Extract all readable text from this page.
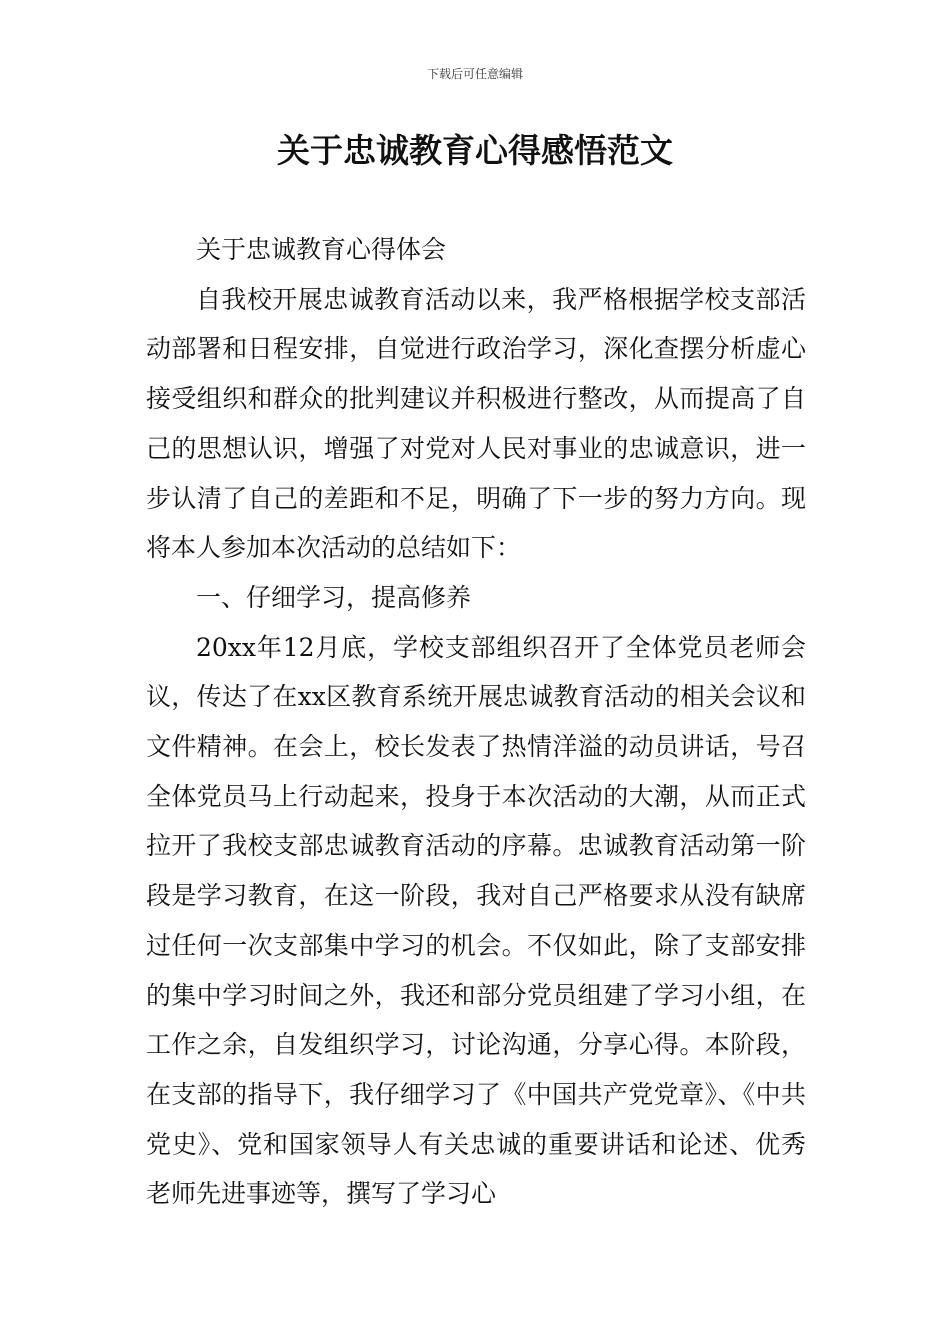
下载后可任意编辑
关于忠诚教育心得感悟范文

关于忠诚教育心得体会

自我校开展忠诚教育活动以来，我严格根据学校支部活动部署和日程安排，自觉进行政治学习，深化查摆分析虚心接受组织和群众的批判建议并积极进行整改，从而提高了自己的思想认识，增强了对党对人民对事业的忠诚意识，进一步认清了自己的差距和不足，明确了下一步的努力方向。现将本人参加本次活动的总结如下：

一、仔细学习，提高修养

20xx年12月底，学校支部组织召开了全体党员老师会议，传达了在xx区教育系统开展忠诚教育活动的相关会议和文件精神。在会上，校长发表了热情洋溢的动员讲话，号召全体党员马上行动起来，投身于本次活动的大潮，从而正式拉开了我校支部忠诚教育活动的序幕。忠诚教育活动第一阶段是学习教育，在这一阶段，我对自己严格要求从没有缺席过任何一次支部集中学习的机会。不仅如此，除了支部安排的集中学习时间之外，我还和部分党员组建了学习小组，在工作之余，自发组织学习，讨论沟通，分享心得。本阶段，在支部的指导下，我仔细学习了《中国共产党党章》、《中共党史》、党和国家领导人有关忠诚的重要讲话和论述、优秀老师先进事迹等，撰写了学习心
